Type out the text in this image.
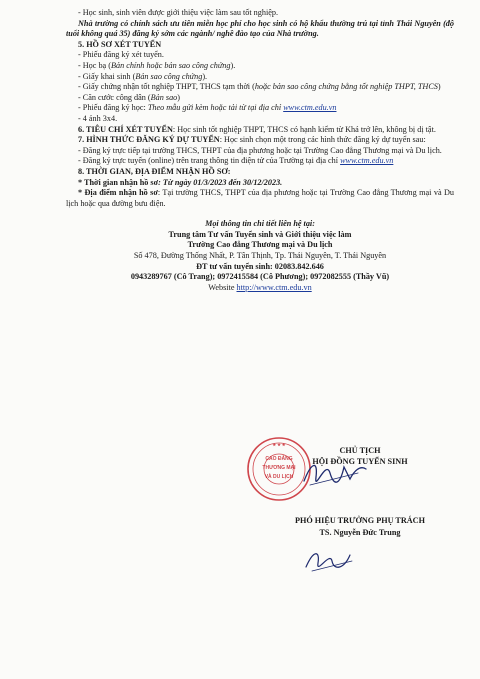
- Học sinh, sinh viên được giới thiệu việc làm sau tốt nghiệp.
Nhà trường có chính sách ưu tiên miễn học phí cho học sinh có hộ khẩu thường trú tại tỉnh Thái Nguyên (độ tuổi không quá 35) đăng ký sớm các ngành/ nghề đào tạo của Nhà trường.
5. HỒ SƠ XÉT TUYỂN
- Phiếu đăng ký xét tuyển.
- Học bạ (Bản chính hoặc bản sao công chứng).
- Giấy khai sinh (Bản sao công chứng).
- Giấy chứng nhận tốt nghiệp THPT, THCS tạm thời (hoặc bản sao công chứng bằng tốt nghiệp THPT, THCS)
- Căn cước công dân (Bản sao)
- Phiếu đăng ký học: Theo mẫu gửi kèm hoặc tải từ tại địa chỉ www.ctm.edu.vn
- 4 ảnh 3x4.
6. TIÊU CHÍ XÉT TUYỂN: Học sinh tốt nghiệp THPT, THCS có hạnh kiểm từ Khá trở lên, không bị dị tật.
7. HÌNH THỨC ĐĂNG KÝ DỰ TUYỂN: Học sinh chọn một trong các hình thức đăng ký dự tuyển sau:
- Đăng ký trực tiếp tại trường THCS, THPT của địa phương hoặc tại Trường Cao đẳng Thương mại và Du lịch.
- Đăng ký trực tuyến (online) trên trang thông tin điện tử của Trường tại địa chỉ www.ctm.edu.vn
8. THỜI GIAN, ĐỊA ĐIỂM NHẬN HỒ SƠ:
* Thời gian nhận hồ sơ: Từ ngày 01/3/2023 đến 30/12/2023.
* Địa điểm nhận hồ sơ: Tại trường THCS, THPT của địa phương hoặc tại Trường Cao đẳng Thương mại và Du lịch hoặc qua đường bưu điện.
Mọi thông tin chi tiết liên hệ tại:
Trung tâm Tư vấn Tuyển sinh và Giới thiệu việc làm
Trường Cao đẳng Thương mại và Du lịch
Số 478, Đường Thống Nhất, P. Tân Thịnh, Tp. Thái Nguyên, T. Thái Nguyên
ĐT tư vấn tuyển sinh: 02083.842.646
0943289767 (Cô Trang); 0972415584 (Cô Phương); 0972082555 (Thầy Vũ)
Website http://www.ctm.edu.vn
CHỦ TỊCH
HỘI ĐỒNG TUYỂN SINH
CAO ĐẲNG
THƯƠNG MẠI
VÀ DU LỊCH
★ ★ ★
PHÓ HIỆU TRƯỞNG PHỤ TRÁCH
TS. Nguyễn Đức Trung
